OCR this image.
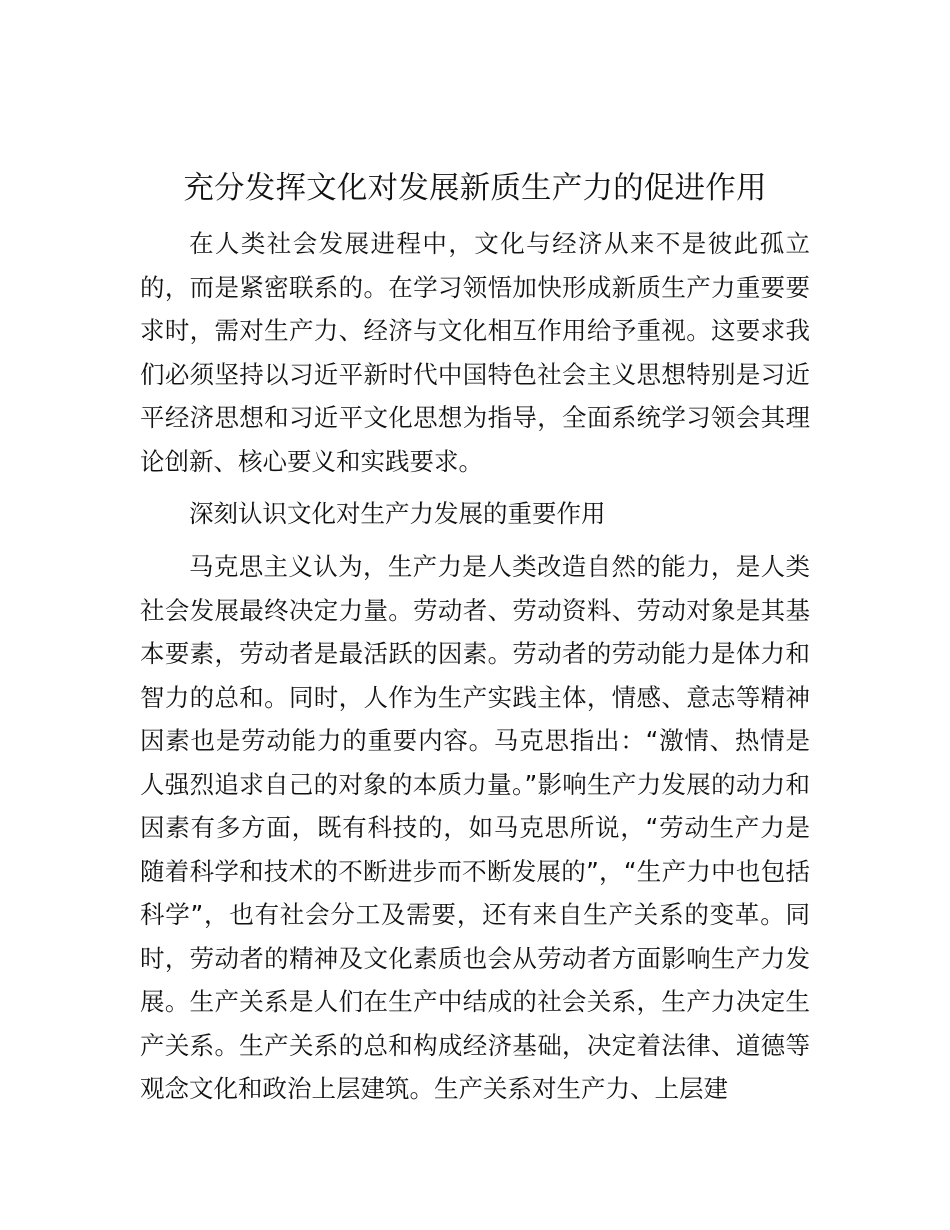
充分发挥文化对发展新质生产力的促进作用

在人类社会发展进程中，文化与经济从来不是彼此孤立的，而是紧密联系的。在学习领悟加快形成新质生产力重要要求时，需对生产力、经济与文化相互作用给予重视。这要求我们必须坚持以习近平新时代中国特色社会主义思想特别是习近平经济思想和习近平文化思想为指导，全面系统学习领会其理论创新、核心要义和实践要求。

深刻认识文化对生产力发展的重要作用

马克思主义认为，生产力是人类改造自然的能力，是人类社会发展最终决定力量。劳动者、劳动资料、劳动对象是其基本要素，劳动者是最活跃的因素。劳动者的劳动能力是体力和智力的总和。同时，人作为生产实践主体，情感、意志等精神因素也是劳动能力的重要内容。马克思指出：“激情、热情是人强烈追求自己的对象的本质力量。”影响生产力发展的动力和因素有多方面，既有科技的，如马克思所说，“劳动生产力是随着科学和技术的不断进步而不断发展的”，“生产力中也包括科学”，也有社会分工及需要，还有来自生产关系的变革。同时，劳动者的精神及文化素质也会从劳动者方面影响生产力发展。生产关系是人们在生产中结成的社会关系，生产力决定生产关系。生产关系的总和构成经济基础，决定着法律、道德等观念文化和政治上层建筑。生产关系对生产力、上层建
